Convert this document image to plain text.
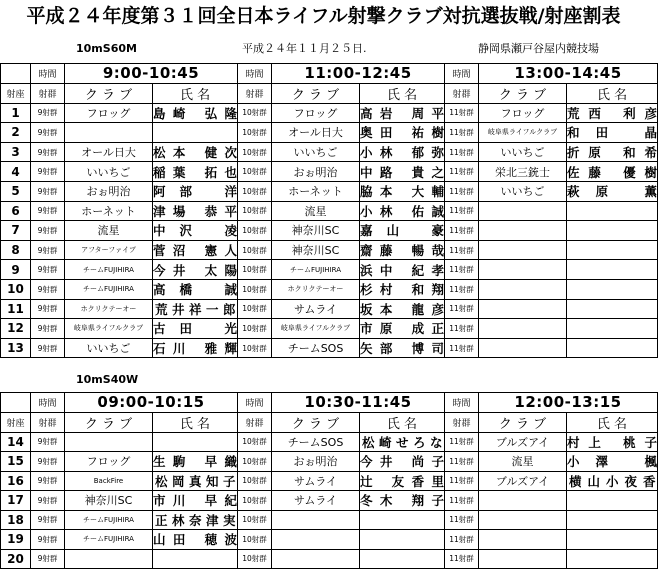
平成２４年度第３１回全日本ライフル射撃クラブ対抗選抜戦/射座割表
10mS60M	平成２４年１１月２５日.	静岡県瀬戸谷屋内競技場
10mS40W
	時間	9:00-10:45		時間	11:00-12:45		時間	13:00-14:45	
射座	射群	ク ラ ブ	氏 名	射群	ク ラ ブ	氏 名	射群	ク ラ ブ	氏 名
1	9射群	フロッグ	島崎 弘隆	10射群	フロッグ	高岩 周平	11射群	フロッグ	荒西 利彦
2	9射群			10射群	オール日大	奥田 祐樹	11射群	岐阜県ライフルクラブ	和田 晶
3	9射群	オール日大	松本 健次	10射群	いいちご	小林 郁弥	11射群	いいちご	折原 和希
4	9射群	いいちご	稲葉 拓也	10射群	おぉ明治	中路 貴之	11射群	栄北三銃士	佐藤 優樹
5	9射群	おぉ明治	阿部 洋	10射群	ホーネット	脇本 大輔	11射群	いいちご	萩原 薫
6	9射群	ホーネット	津場 恭平	10射群	流星	小林 佑誠	11射群		
7	9射群	流星	中沢 凌	10射群	神奈川SC	嘉山 豪	11射群		
8	9射群	アフターファイブ	菅沼 憲人	10射群	神奈川SC	齋藤 暢哉	11射群		
9	9射群	チームFUJIHIRA	今井 太陽	10射群	チームFUJIHIRA	浜中 紀孝	11射群		
10	9射群	チームFUJIHIRA	高橋 誠	10射群	ホクリクテーオー	杉村 和翔	11射群		
11	9射群	ホクリクテーオー	荒井祥一郎	10射群	サムライ	坂本 龍彦	11射群		
12	9射群	岐阜県ライフルクラブ	古田 光	10射群	岐阜県ライフルクラブ	市原 成正	11射群		
13	9射群	いいちご	石川 雅輝	10射群	チームSOS	矢部 博司	11射群		
	時間	09:00-10:15		時間	10:30-11:45		時間	12:00-13:15	
射座	射群	ク ラ ブ	氏 名	射群	ク ラ ブ	氏 名	射群	ク ラ ブ	氏 名
14	9射群			10射群	チームSOS	松崎せろな	11射群	ブルズアイ	村上 桃子
15	9射群	フロッグ	生駒 早織	10射群	おぉ明治	今井 尚子	11射群	流星	小澤 楓
16	9射群	BackFire	松岡真知子	10射群	サムライ	辻 友香里	11射群	ブルズアイ	横山小夜香
17	9射群	神奈川SC	市川 早紀	10射群	サムライ	冬木 翔子	11射群		
18	9射群	チームFUJIHIRA	正林奈津実	10射群			11射群		
19	9射群	チームFUJIHIRA	山田 穂波	10射群			11射群		
20	9射群			10射群			11射群		
